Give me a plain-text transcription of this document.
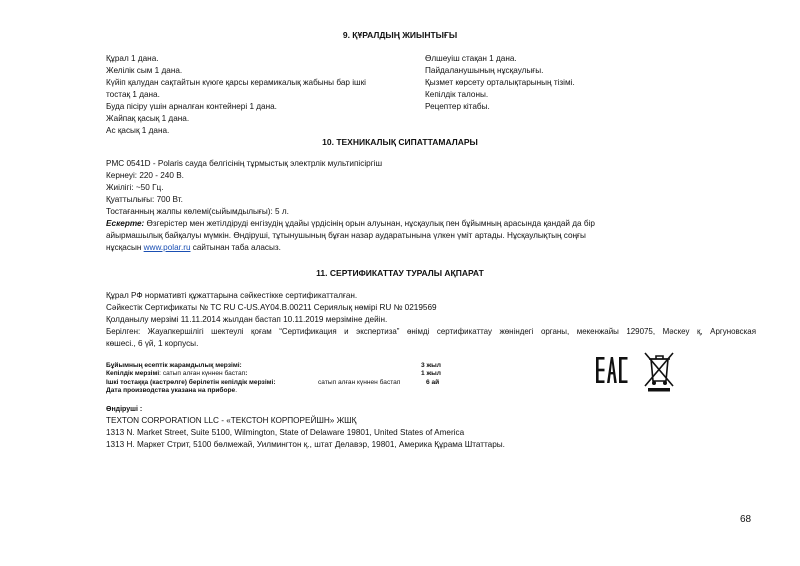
9. ҚҰРАЛДЫҢ ЖИЫНТЫҒЫ
Құрал 1 дана.
Желілік сым 1 дана.
Күйіп қалудан сақтайтын күюге қарсы керамикалық жабыны бар ішкі
тостақ 1 дана.
Буда пісіру үшін арналған контейнері 1 дана.
Жайпақ қасық 1 дана.
Ас қасық 1 дана.
Өлшеуіш стақан 1 дана.
Пайдаланушының нұсқаулығы.
Қызмет көрсету орталықтарының тізімі.
Кепілдік талоны.
Рецептер кітабы.
10. ТЕХНИКАЛЫҚ СИПАТТАМАЛАРЫ
PMC 0541D - Polaris сауда белгісінің тұрмыстық электрлік мультипісіргіш
Кернеуі: 220 - 240 В.
Жиілігі: ~50 Гц.
Қуаттылығы: 700 Вт.
Тостағанның жалпы көлемі(сыйымдылығы): 5 л.
Ескерте: Өзгерістер мен жетілдіруді енгізудің ұдайы үрдісінің орын алуынан, нұсқаулық пен бұйымның арасында қандай да бір
айырмашылық байқалуы мүмкін. Өндіруші, тұтынушының бұған назар аударатынына үлкен үміт артады. Нұсқаулықтың соңғы
нұсқасын www.polar.ru сайтынан таба аласыз.
11. СЕРТИФИКАТТАУ ТУРАЛЫ АҚПАРАТ
Құрал РФ нормативті құжаттарына сәйкестікке сертификатталған.
Сәйкестік Сертификаты № TC RU C-US.AY04.B.00211 Сериялық нөмірі RU № 0219569
Қолданылу мерзімі 11.11.2014 жылдан бастап 10.11.2019 мерзіміне дейін.
Берілген: Жауапкершілігі шектеулі қоғам “Сертификация и экспертиза” өнімді сертификаттау жөніндегі органы, мекенжайы 129075, Мәскеу қ, Аргуновская
көшесі., 6 үй, 1 корпусы.
Бұйымның есептік жарамдылық мерзімі:	3 жыл
Кепілдік мерзімі: сатып алған күннен бастап:	1 жыл
Ішкі тостаққа (кастрөлге) берілетін кепілдік мерзімі:	сатып алған күннен бастап	6 ай
Дата производства указана на приборе.
Өндіруші :
TEXTON CORPORATION LLC - «ТЕКСТОН КОРПОРЕЙШН» ЖШҚ
1313 N. Market Street, Suite 5100, Wilmington, State of Delaware 19801, United States of America
1313 Н. Маркет Стрит, 5100 бөлмежай, Уилмингтон қ., штат Делавэр, 19801, Америка Құрама Штаттары.
68
